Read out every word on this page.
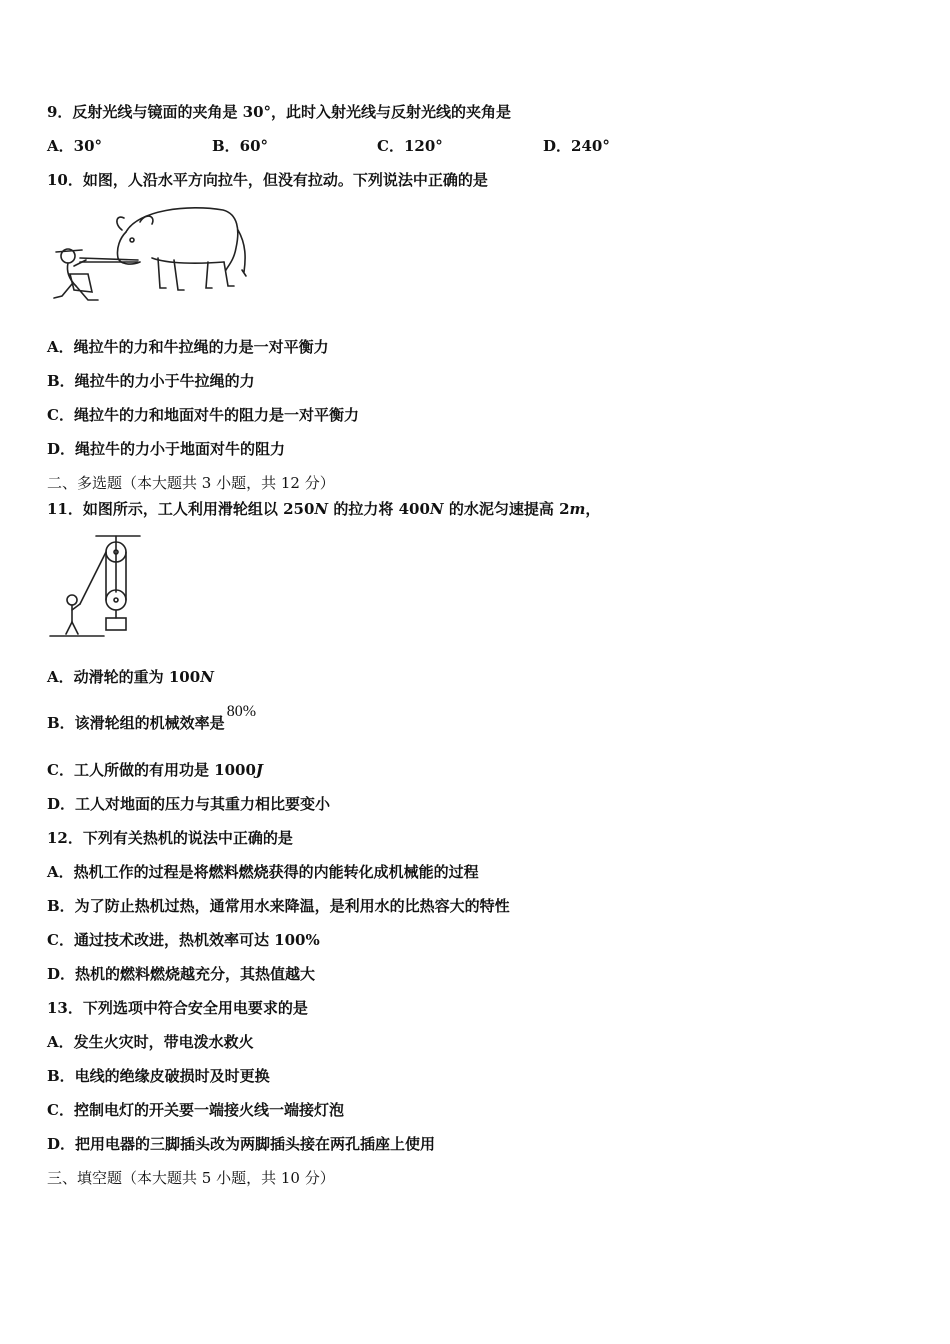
9．反射光线与镜面的夹角是 30°，此时入射光线与反射光线的夹角是
A．30°	B．60°	C．120°	D．240°
10．如图，人沿水平方向拉牛，但没有拉动。下列说法中正确的是
A．绳拉牛的力和牛拉绳的力是一对平衡力
B．绳拉牛的力小于牛拉绳的力
C．绳拉牛的力和地面对牛的阻力是一对平衡力
D．绳拉牛的力小于地面对牛的阻力
二、多选题（本大题共 3 小题，共 12 分）
11．如图所示，工人利用滑轮组以 250N 的拉力将 400N 的水泥匀速提高 2m，
A．动滑轮的重为 100N
B．该滑轮组的机械效率是80%
C．工人所做的有用功是 1000J
D．工人对地面的压力与其重力相比要变小
12．下列有关热机的说法中正确的是
A．热机工作的过程是将燃料燃烧获得的内能转化成机械能的过程
B．为了防止热机过热，通常用水来降温，是利用水的比热容大的特性
C．通过技术改进，热机效率可达 100%
D．热机的燃料燃烧越充分，其热值越大
13．下列选项中符合安全用电要求的是
A．发生火灾时，带电泼水救火
B．电线的绝缘皮破损时及时更换
C．控制电灯的开关要一端接火线一端接灯泡
D．把用电器的三脚插头改为两脚插头接在两孔插座上使用
三、填空题（本大题共 5 小题，共 10 分）
